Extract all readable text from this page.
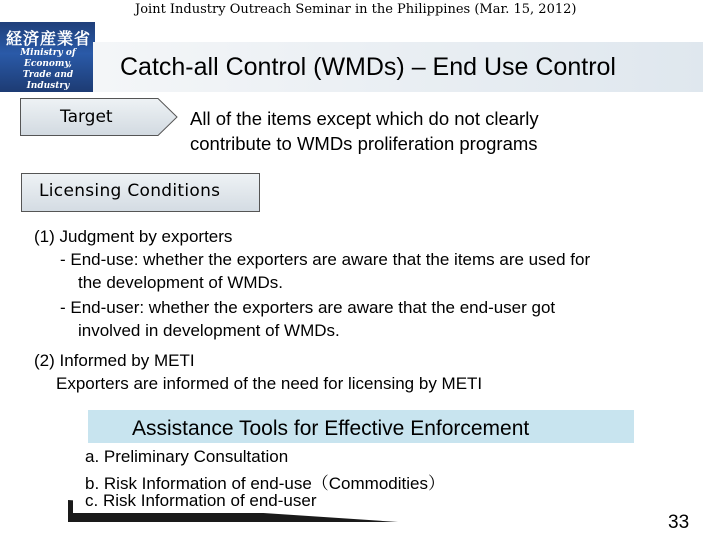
Joint Industry Outreach Seminar in the Philippines (Mar. 15, 2012)
経済産業省
Ministry of Economy,
Trade and Industry
Catch-all Control (WMDs) – End Use Control
Target	All of the items except which do not clearly
contribute to WMDs proliferation programs
Licensing Conditions
(1) Judgment by exporters
- End-use: whether the exporters are aware that the items are used for
the development of WMDs.
- End-user: whether the exporters are aware that the end-user got
involved in development of WMDs.
(2) Informed by METI
Exporters are informed of the need for licensing by METI
Assistance Tools for Effective Enforcement
a. Preliminary Consultation
b. Risk Information of end-use（Commodities）
c. Risk Information of end-user
33
